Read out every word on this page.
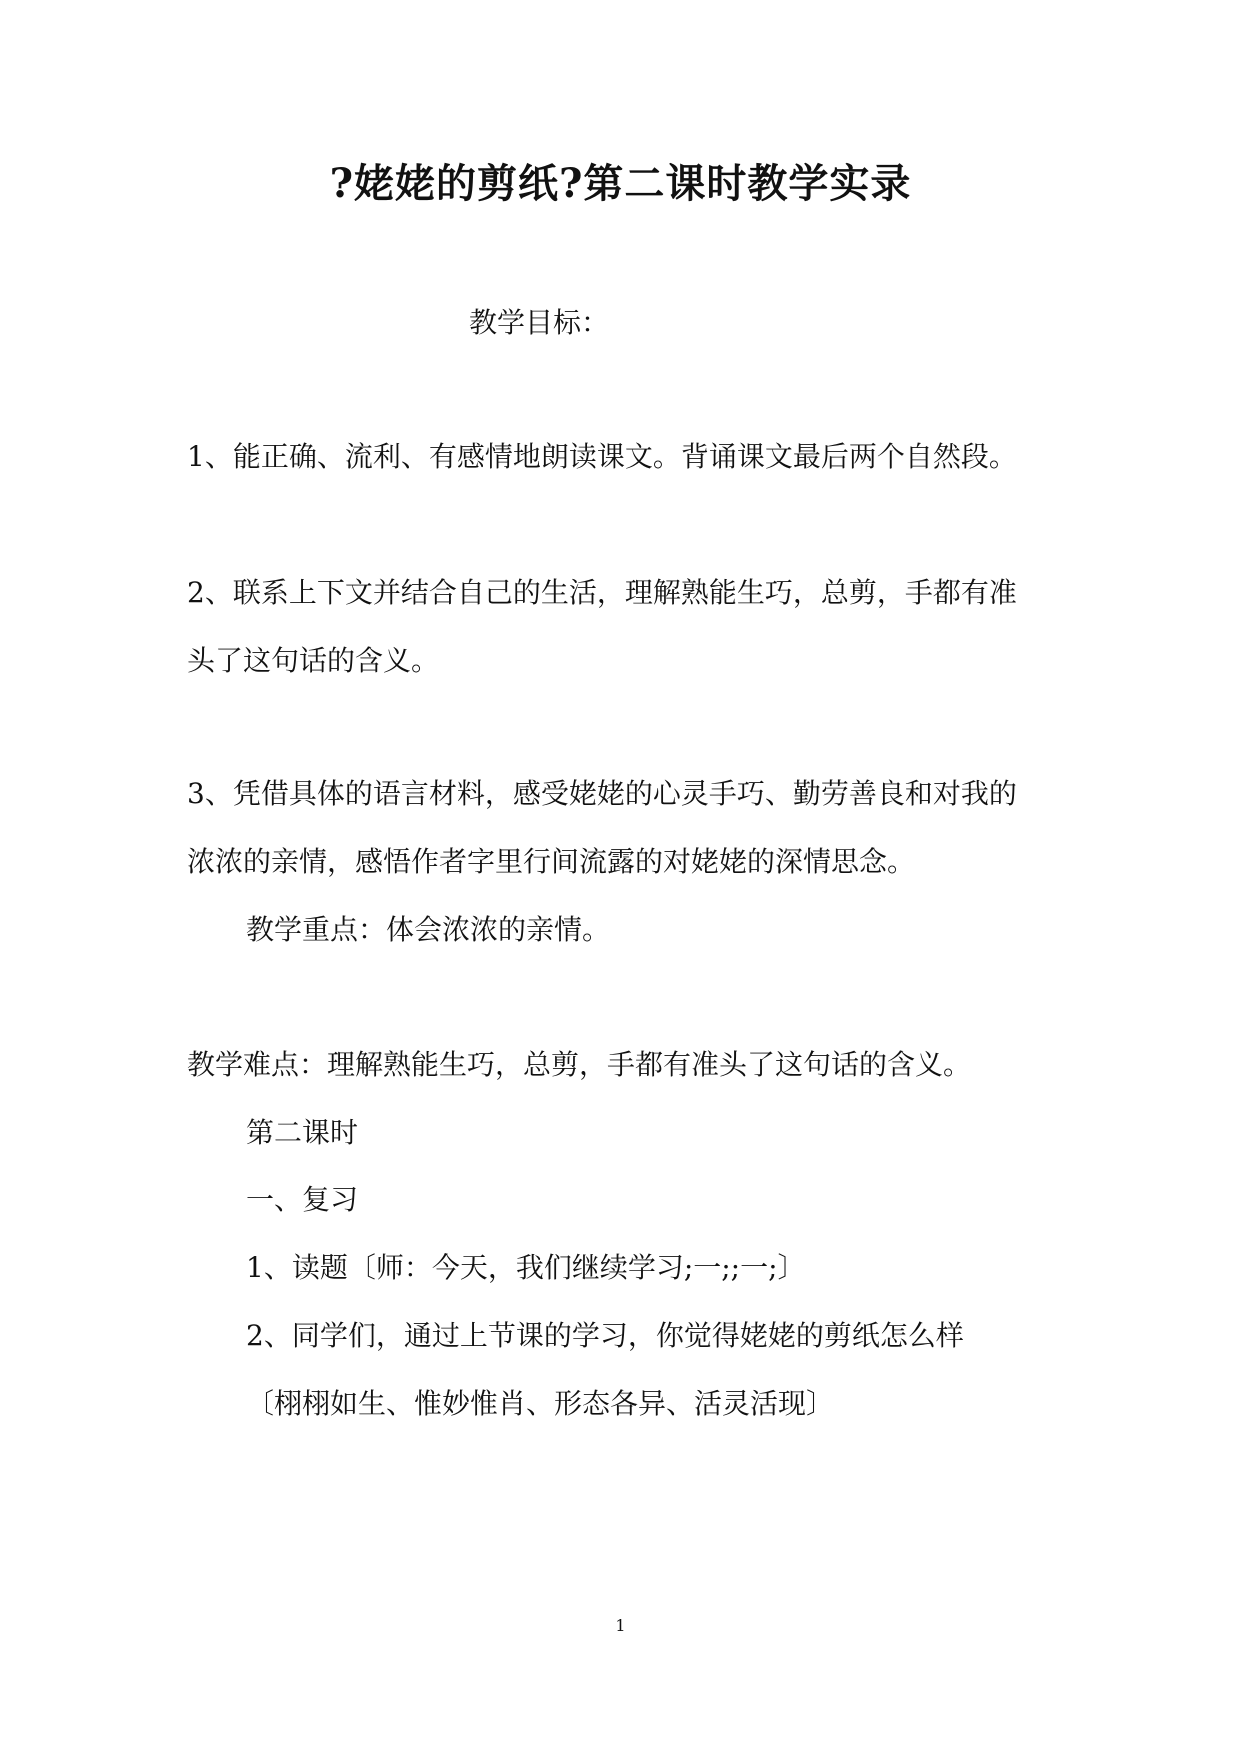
?姥姥的剪纸?第二课时教学实录
教学目标：
1、能正确、流利、有感情地朗读课文。背诵课文最后两个自然段。
2、联系上下文并结合自己的生活，理解熟能生巧，总剪，手都有准
头了这句话的含义。
3、凭借具体的语言材料，感受姥姥的心灵手巧、勤劳善良和对我的
浓浓的亲情，感悟作者字里行间流露的对姥姥的深情思念。
教学重点：体会浓浓的亲情。
教学难点：理解熟能生巧，总剪，手都有准头了这句话的含义。
第二课时
一、复习
1、读题〔师：今天，我们继续学习;一;;一;〕
2、同学们，通过上节课的学习，你觉得姥姥的剪纸怎么样
〔栩栩如生、惟妙惟肖、形态各异、活灵活现〕
1
